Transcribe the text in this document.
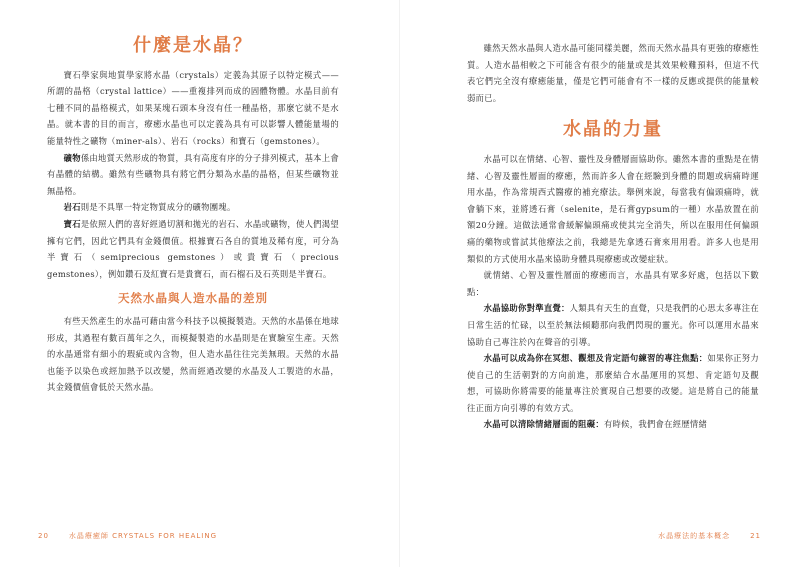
什麼是水晶？

寶石學家與地質學家將水晶（crystals）定義為其原子以特定模式——所謂的晶格（crystal lattice）——重複排列而成的固體物體。水晶目前有七種不同的晶格模式，如果某塊石頭本身沒有任一種晶格，那麼它就不是水晶。就本書的目的而言，療癒水晶也可以定義為具有可以影響人體能量場的能量特性之礦物（miner-als）、岩石（rocks）和寶石（gemstones）。

礦物係由地質天然形成的物質，具有高度有序的分子排列模式，基本上會有晶體的結構。雖然有些礦物具有將它們分類為水晶的晶格，但某些礦物並無晶格。

岩石則是不具單一特定物質成分的礦物團塊。

寶石是依照人們的喜好經過切割和拋光的岩石、水晶或礦物，使人們渴望擁有它們，因此它們具有金錢價值。根據寶石各自的質地及稀有度，可分為半寶石（semiprecious gemstones）或貴寶石（precious gemstones），例如鑽石及紅寶石是貴寶石，而石榴石及石英則是半寶石。

天然水晶與人造水晶的差別

有些天然產生的水晶可藉由當今科技予以模擬製造。天然的水晶係在地球形成，其過程有數百萬年之久，而模擬製造的水晶則是在實驗室生產。天然的水晶通常有細小的瑕疵或內含物，但人造水晶往往完美無瑕。天然的水晶也能予以染色或經加熱予以改變，然而經過改變的水晶及人工製造的水晶，其金錢價值會低於天然水晶。

20	水晶療癒師 CRYSTALS FOR HEALING

雖然天然水晶與人造水晶可能同樣美麗，然而天然水晶具有更強的療癒性質。人造水晶相較之下可能含有很少的能量或是其效果較難預料，但這不代表它們完全沒有療癒能量，僅是它們可能會有不一樣的反應或提供的能量較弱而已。

水晶的力量

水晶可以在情緒、心智、靈性及身體層面協助你。雖然本書的重點是在情緒、心智及靈性層面的療癒，然而許多人會在經驗到身體的問題或病痛時運用水晶，作為常規西式醫療的補充療法。舉例來說，每當我有偏頭痛時，就會躺下來，並將透石膏（selenite，是石膏gypsum的一種）水晶放置在前額20分鐘。這做法通常會緩解偏頭痛或使其完全消失，所以在服用任何偏頭痛的藥物或嘗試其他療法之前，我總是先拿透石膏來用用看。許多人也是用類似的方式使用水晶來協助身體具現療癒或改變症狀。

就情緒、心智及靈性層面的療癒而言，水晶具有眾多好處，包括以下數點：

水晶協助你對準直覺：人類具有天生的直覺，只是我們的心思太多專注在日常生活的忙碌，以至於無法傾聽那向我們閃現的靈光。你可以運用水晶來協助自己專注於內在聲音的引導。

水晶可以成為你在冥想、觀想及肯定語句練習的專注焦點：如果你正努力使自己的生活朝對的方向前進，那麼結合水晶運用的冥想、肯定語句及觀想，可協助你將需要的能量專注於實現自己想要的改變。這是將自己的能量往正面方向引導的有效方式。

水晶可以清除情緒層面的阻礙：有時候，我們會在經歷情緒

水晶療法的基本概念	21
